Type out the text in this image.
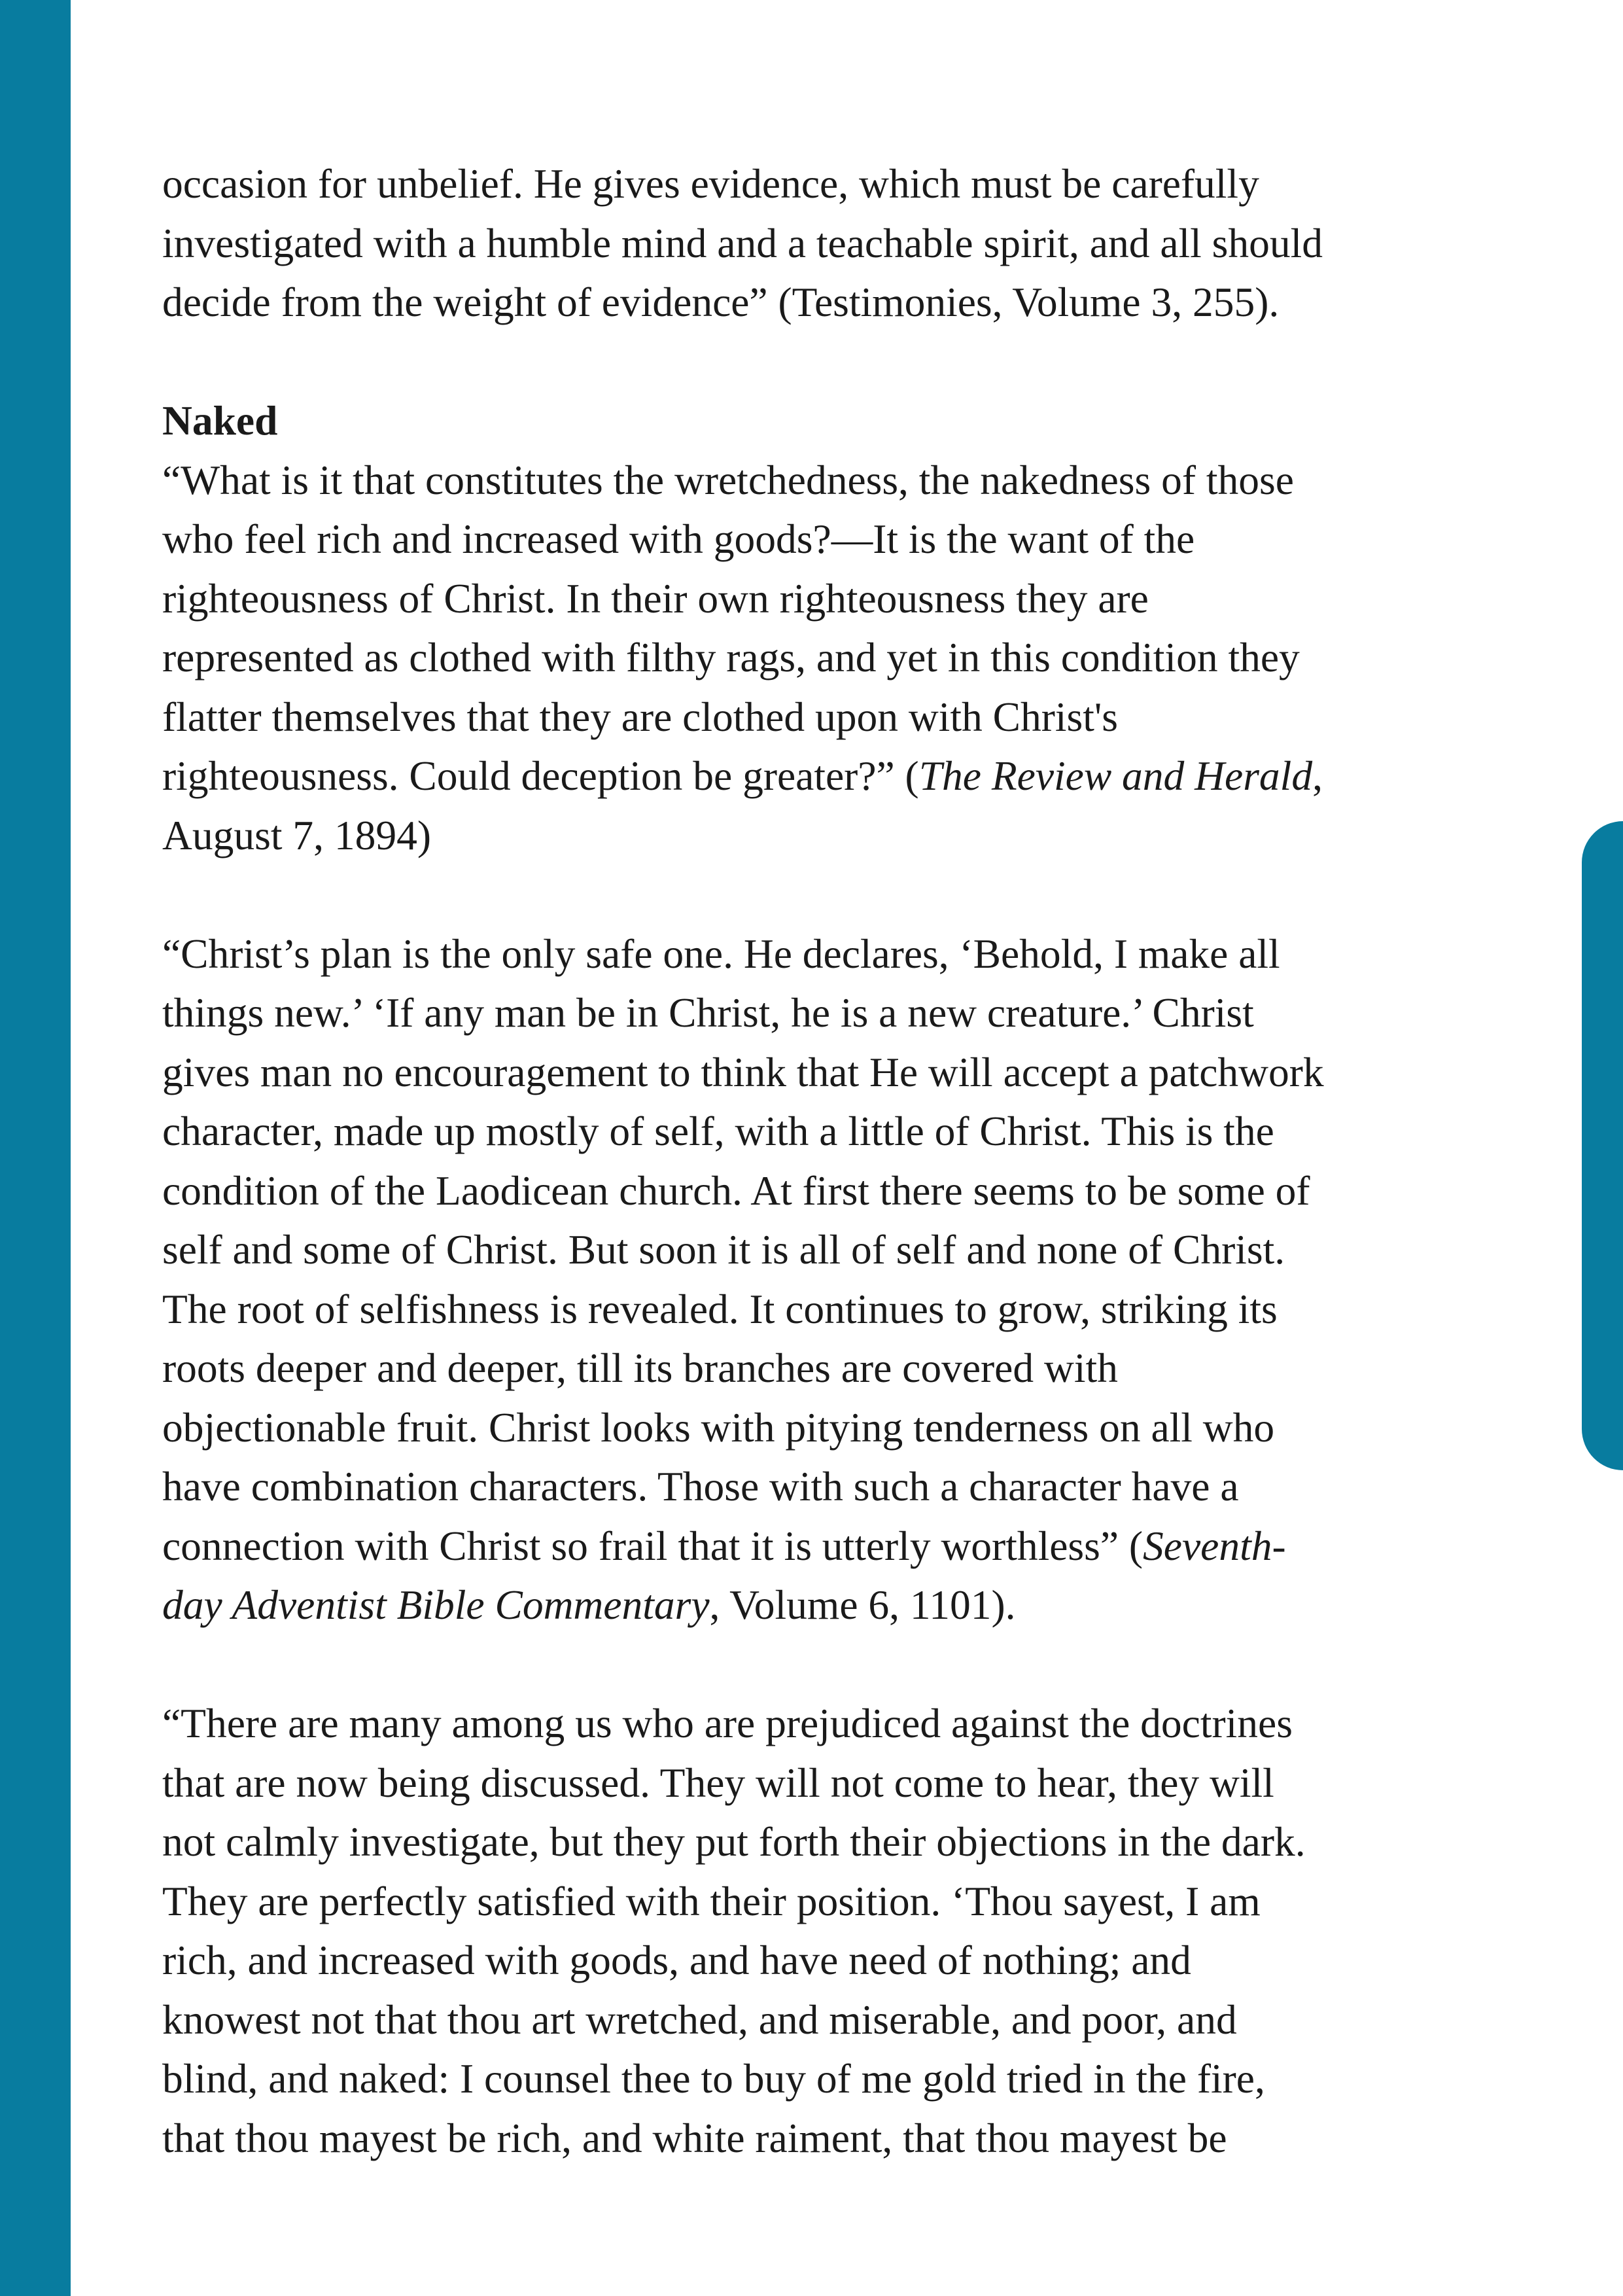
occasion for unbelief. He gives evidence, which must be carefully
investigated with a humble mind and a teachable spirit, and all should
decide from the weight of evidence” (Testimonies, Volume 3, 255).
Naked
“What is it that constitutes the wretchedness, the nakedness of those
who feel rich and increased with goods?—It is the want of the
righteousness of Christ. In their own righteousness they are
represented as clothed with filthy rags, and yet in this condition they
flatter themselves that they are clothed upon with Christ's
righteousness. Could deception be greater?” (The Review and Herald,
August 7, 1894)
“Christ’s plan is the only safe one. He declares, ‘Behold, I make all
things new.’ ‘If any man be in Christ, he is a new creature.’ Christ
gives man no encouragement to think that He will accept a patchwork
character, made up mostly of self, with a little of Christ. This is the
condition of the Laodicean church. At first there seems to be some of
self and some of Christ. But soon it is all of self and none of Christ.
The root of selfishness is revealed. It continues to grow, striking its
roots deeper and deeper, till its branches are covered with
objectionable fruit. Christ looks with pitying tenderness on all who
have combination characters. Those with such a character have a
connection with Christ so frail that it is utterly worthless” (Seventh-
day Adventist Bible Commentary, Volume 6, 1101).
“There are many among us who are prejudiced against the doctrines
that are now being discussed. They will not come to hear, they will
not calmly investigate, but they put forth their objections in the dark.
They are perfectly satisfied with their position. ‘Thou sayest, I am
rich, and increased with goods, and have need of nothing; and
knowest not that thou art wretched, and miserable, and poor, and
blind, and naked: I counsel thee to buy of me gold tried in the fire,
that thou mayest be rich, and white raiment, that thou mayest be
